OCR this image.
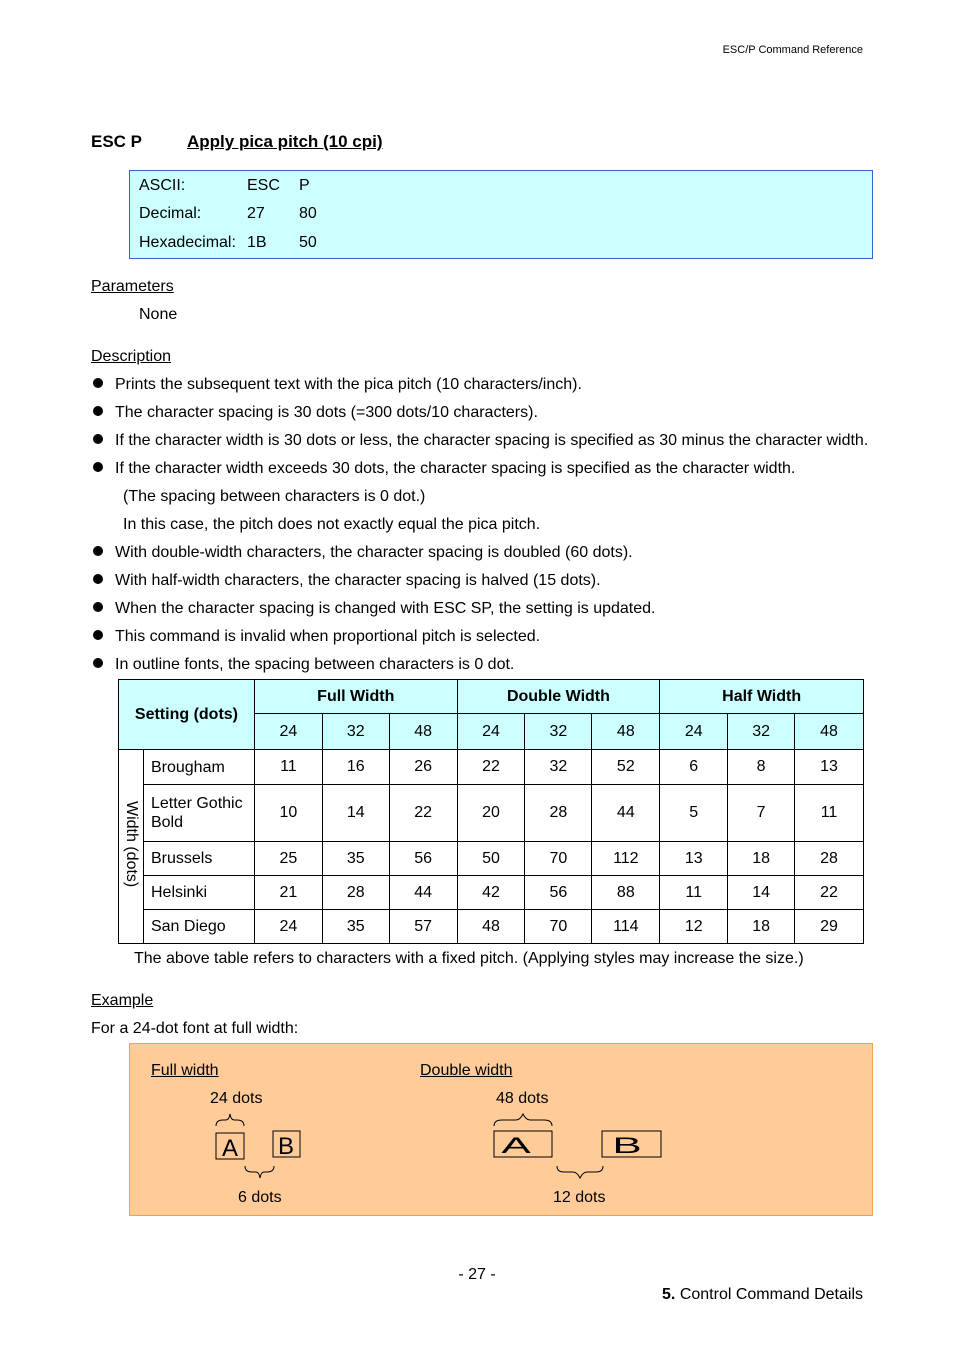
ESC/P Command Reference
ESC P	Apply pica pitch (10 cpi)
ASCII:	ESC P
Decimal:	27 80
Hexadecimal: 1B 50
Parameters
None
Description
Prints the subsequent text with the pica pitch (10 characters/inch).
The character spacing is 30 dots (=300 dots/10 characters).
If the character width is 30 dots or less, the character spacing is specified as 30 minus the character width.
If the character width exceeds 30 dots, the character spacing is specified as the character width.
(The spacing between characters is 0 dot.)
In this case, the pitch does not exactly equal the pica pitch.
With double-width characters, the character spacing is doubled (60 dots).
With half-width characters, the character spacing is halved (15 dots).
When the character spacing is changed with ESC SP, the setting is updated.
This command is invalid when proportional pitch is selected.
In outline fonts, the spacing between characters is 0 dot.
Setting (dots)		Full Width			Double Width			Half Width		
		24	32	48	24	32	48	24	32	48
Width (dots)	Brougham	11	16	26	22	32	52	6	8	13
	Letter Gothic Bold	10	14	22	20	28	44	5	7	11
	Brussels	25	35	56	50	70	112	13	18	28
	Helsinki	21	28	44	42	56	88	11	14	22
	San Diego	24	35	57	48	70	114	12	18	29
The above table refers to characters with a fixed pitch. (Applying styles may increase the size.)
Example
For a 24-dot font at full width:
Full width	Double width
24 dots	48 dots
6 dots	12 dots
A B	A	B
- 27 -
5. Control Command Details
